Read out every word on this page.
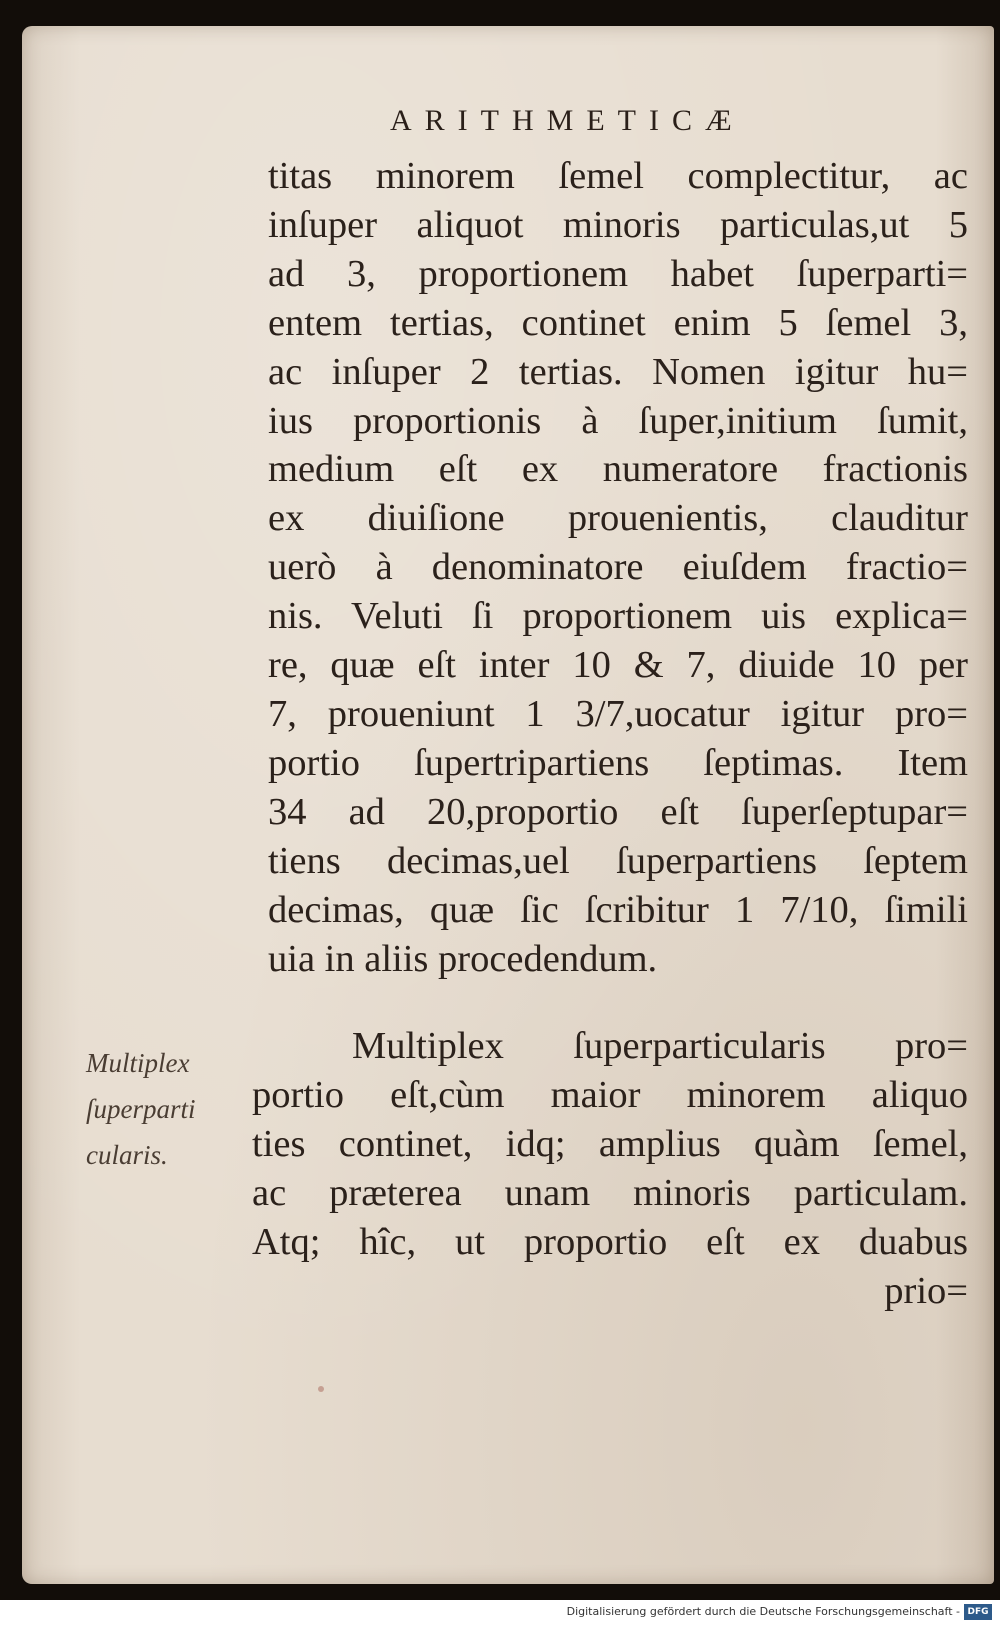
ARITHMETICÆ
titas minorem ſemel complectitur, ac
inſuper aliquot minoris particulas,ut 5
ad 3, proportionem habet ſuperparti=
entem tertias, continet enim 5 ſemel 3,
ac inſuper 2 tertias. Nomen igitur hu=
ius proportionis à ſuper,initium ſumit,
medium eſt ex numeratore fractionis
ex diuiſione prouenientis, clauditur
uerò à denominatore eiuſdem fractio=
nis. Veluti ſi proportionem uis explica=
re, quæ eſt inter 10 & 7, diuide 10 per
7, proueniunt 1 3/7,uocatur igitur pro=
portio ſupertripartiens ſeptimas. Item
34 ad 20,proportio eſt ſuperſeptupar=
tiens decimas,uel ſuperpartiens ſeptem
decimas, quæ ſic ſcribitur 1 7/10, ſimili
uia in aliis procedendum.
Multiplex
ſuperparti
cularis.
Multiplex ſuperparticularis pro=
portio eſt,cùm maior minorem aliquo
ties continet, idq; amplius quàm ſemel,
ac præterea unam minoris particulam.
Atq; hîc, ut proportio eſt ex duabus
prio=
Digitalisierung gefördert durch die Deutsche Forschungsgemeinschaft - DFG
